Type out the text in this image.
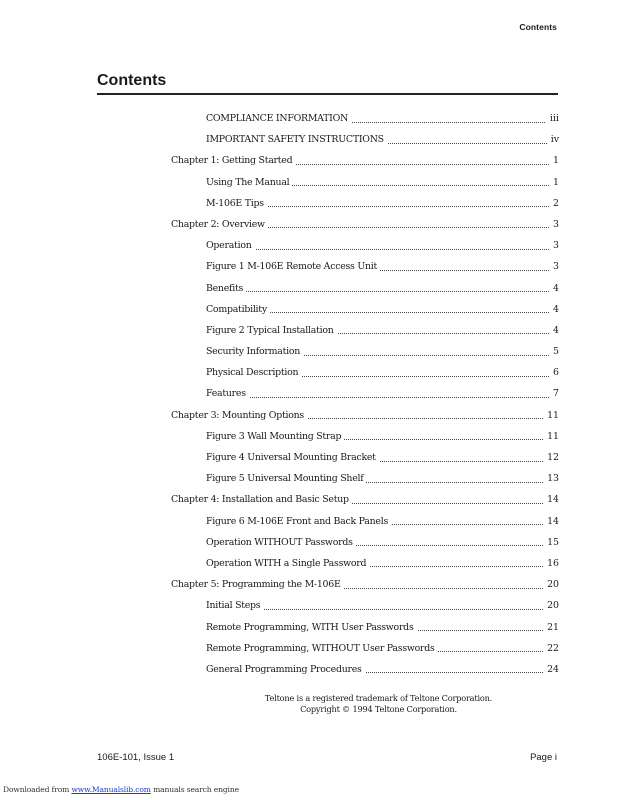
Contents
Contents
COMPLIANCE INFORMATION	iii
IMPORTANT SAFETY INSTRUCTIONS	iv
Chapter 1: Getting Started	1
Using The Manual	1
M-106E Tips	2
Chapter 2: Overview	3
Operation	3
Figure 1 M-106E Remote Access Unit	3
Benefits	4
Compatibility	4
Figure 2 Typical Installation	4
Security Information	5
Physical Description	6
Features	7
Chapter 3: Mounting Options	11
Figure 3 Wall Mounting Strap	11
Figure 4 Universal Mounting Bracket	12
Figure 5 Universal Mounting Shelf	13
Chapter 4: Installation and Basic Setup	14
Figure 6 M-106E Front and Back Panels	14
Operation WITHOUT Passwords	15
Operation WITH a Single Password	16
Chapter 5: Programming the M-106E	20
Initial Steps	20
Remote Programming, WITH User Passwords	21
Remote Programming, WITHOUT User Passwords	22
General Programming Procedures	24
Teltone is a registered trademark of Teltone Corporation.
Copyright © 1994 Teltone Corporation.
106E-101, Issue 1	Page i
Downloaded from www.Manualslib.com manuals search engine
